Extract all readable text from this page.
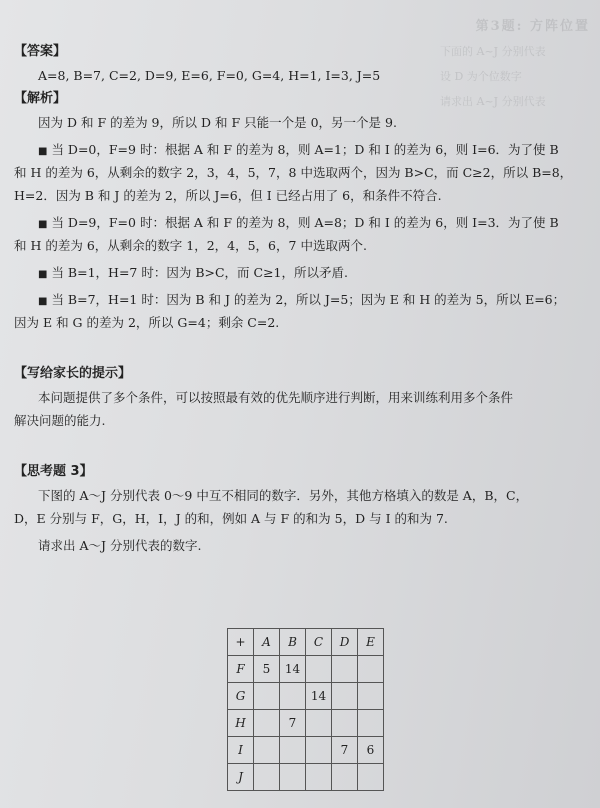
第3题: 方阵位置
下面的 A~J 分别代表
设 D 为个位数字
请求出 A~J 分别代表
【答案】
A=8, B=7, C=2, D=9, E=6, F=0, G=4, H=1, I=3, J=5
【解析】
因为 D 和 F 的差为 9，所以 D 和 F 只能一个是 0，另一个是 9.
■ 当 D=0，F=9 时：根据 A 和 F 的差为 8，则 A=1；D 和 I 的差为 6，则 I=6．为了使 B
和 H 的差为 6，从剩余的数字 2，3，4，5，7，8 中选取两个，因为 B>C，而 C≥2，所以 B=8，
H=2．因为 B 和 J 的差为 2，所以 J=6，但 I 已经占用了 6，和条件不符合.
■ 当 D=9，F=0 时：根据 A 和 F 的差为 8，则 A=8；D 和 I 的差为 6，则 I=3．为了使 B
和 H 的差为 6，从剩余的数字 1，2，4，5，6，7 中选取两个.
■ 当 B=1，H=7 时：因为 B>C，而 C≥1，所以矛盾.
■ 当 B=7，H=1 时：因为 B 和 J 的差为 2，所以 J=5；因为 E 和 H 的差为 5，所以 E=6；
因为 E 和 G 的差为 2，所以 G=4；剩余 C=2.
【写给家长的提示】
本问题提供了多个条件，可以按照最有效的优先顺序进行判断，用来训练利用多个条件
解决问题的能力.
【思考题 3】
下图的 A～J 分别代表 0～9 中互不相同的数字．另外，其他方格填入的数是 A，B，C，
D，E 分别与 F，G，H，I，J 的和，例如 A 与 F 的和为 5，D 与 I 的和为 7.
请求出 A～J 分别代表的数字.
+	A	B	C	D	E
F	5	14			
G			14		
H		7			
I				7	6
J					
